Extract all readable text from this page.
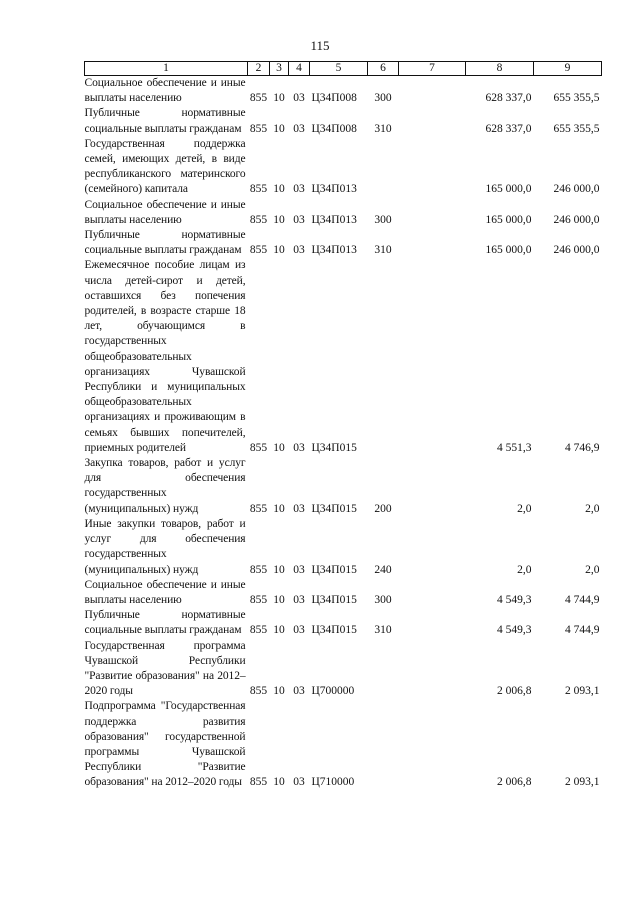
115
1	2	3	4	5	6	7	8	9
Социальное обеспечение и иные выплаты населению	855	10	03	Ц34П008	300		628 337,0	655 355,5
Публичные нормативные социальные выплаты гражданам	855	10	03	Ц34П008	310		628 337,0	655 355,5
Государственная поддержка семей, имеющих детей, в виде республиканского материнского (семейного) капитала	855	10	03	Ц34П013			165 000,0	246 000,0
Социальное обеспечение и иные выплаты населению	855	10	03	Ц34П013	300		165 000,0	246 000,0
Публичные нормативные социальные выплаты гражданам	855	10	03	Ц34П013	310		165 000,0	246 000,0
Ежемесячное пособие лицам из числа детей-сирот и детей, оставшихся без попечения родителей, в возрасте старше 18 лет, обучающимся в государственных общеобразовательных организациях Чувашской Республики и муниципальных общеобразовательных организациях и проживающим в семьях бывших попечителей, приемных родителей	855	10	03	Ц34П015			4 551,3	4 746,9
Закупка товаров, работ и услуг для обеспечения государственных (муниципальных) нужд	855	10	03	Ц34П015	200		2,0	2,0
Иные закупки товаров, работ и услуг для обеспечения государственных (муниципальных) нужд	855	10	03	Ц34П015	240		2,0	2,0
Социальное обеспечение и иные выплаты населению	855	10	03	Ц34П015	300		4 549,3	4 744,9
Публичные нормативные социальные выплаты гражданам	855	10	03	Ц34П015	310		4 549,3	4 744,9
Государственная программа Чувашской Республики "Развитие образования" на 2012–2020 годы	855	10	03	Ц700000			2 006,8	2 093,1
Подпрограмма "Государственная поддержка развития образования" государственной программы Чувашской Республики "Развитие образования" на 2012–2020 годы	855	10	03	Ц710000			2 006,8	2 093,1
